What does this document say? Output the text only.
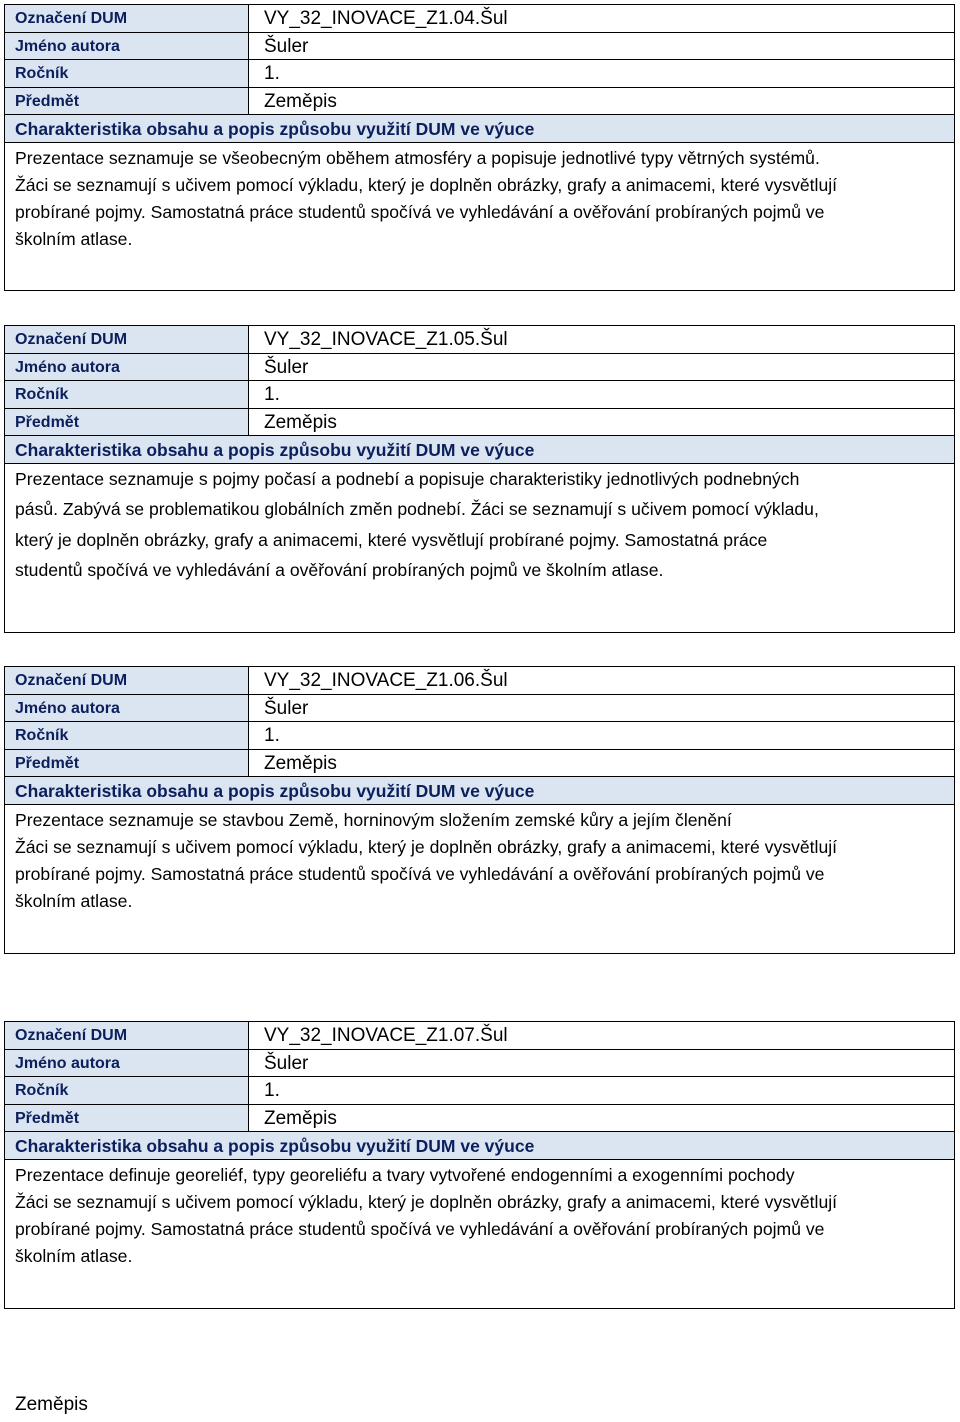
Označení DUM	VY_32_INOVACE_Z1.04.Šul
Jméno autora	Šuler
Ročník	1.
Předmět	Zeměpis
Charakteristika obsahu a popis způsobu využití DUM ve výuce
Prezentace seznamuje se všeobecným oběhem atmosféry a popisuje jednotlivé typy větrných systémů.
Žáci se seznamují s učivem pomocí výkladu, který je doplněn obrázky, grafy a animacemi, které vysvětlují
probírané pojmy. Samostatná práce studentů spočívá ve vyhledávání a ověřování probíraných pojmů ve
školním atlase.
Označení DUM	VY_32_INOVACE_Z1.05.Šul
Jméno autora	Šuler
Ročník	1.
Předmět	Zeměpis
Charakteristika obsahu a popis způsobu využití DUM ve výuce
Prezentace seznamuje s pojmy počasí a podnebí a popisuje charakteristiky jednotlivých podnebných
pásů. Zabývá se problematikou globálních změn podnebí. Žáci se seznamují s učivem pomocí výkladu,
který je doplněn obrázky, grafy a animacemi, které vysvětlují probírané pojmy. Samostatná práce
studentů spočívá ve vyhledávání a ověřování probíraných pojmů ve školním atlase.
Označení DUM	VY_32_INOVACE_Z1.06.Šul
Jméno autora	Šuler
Ročník	1.
Předmět	Zeměpis
Charakteristika obsahu a popis způsobu využití DUM ve výuce
Prezentace seznamuje se stavbou Země, horninovým složením zemské kůry a jejím členění
Žáci se seznamují s učivem pomocí výkladu, který je doplněn obrázky, grafy a animacemi, které vysvětlují
probírané pojmy. Samostatná práce studentů spočívá ve vyhledávání a ověřování probíraných pojmů ve
školním atlase.
Označení DUM	VY_32_INOVACE_Z1.07.Šul
Jméno autora	Šuler
Ročník	1.
Předmět	Zeměpis
Charakteristika obsahu a popis způsobu využití DUM ve výuce
Prezentace definuje georeliéf, typy georeliéfu a tvary vytvořené endogenními a exogenními pochody
Žáci se seznamují s učivem pomocí výkladu, který je doplněn obrázky, grafy a animacemi, které vysvětlují
probírané pojmy. Samostatná práce studentů spočívá ve vyhledávání a ověřování probíraných pojmů ve
školním atlase.
Zeměpis
